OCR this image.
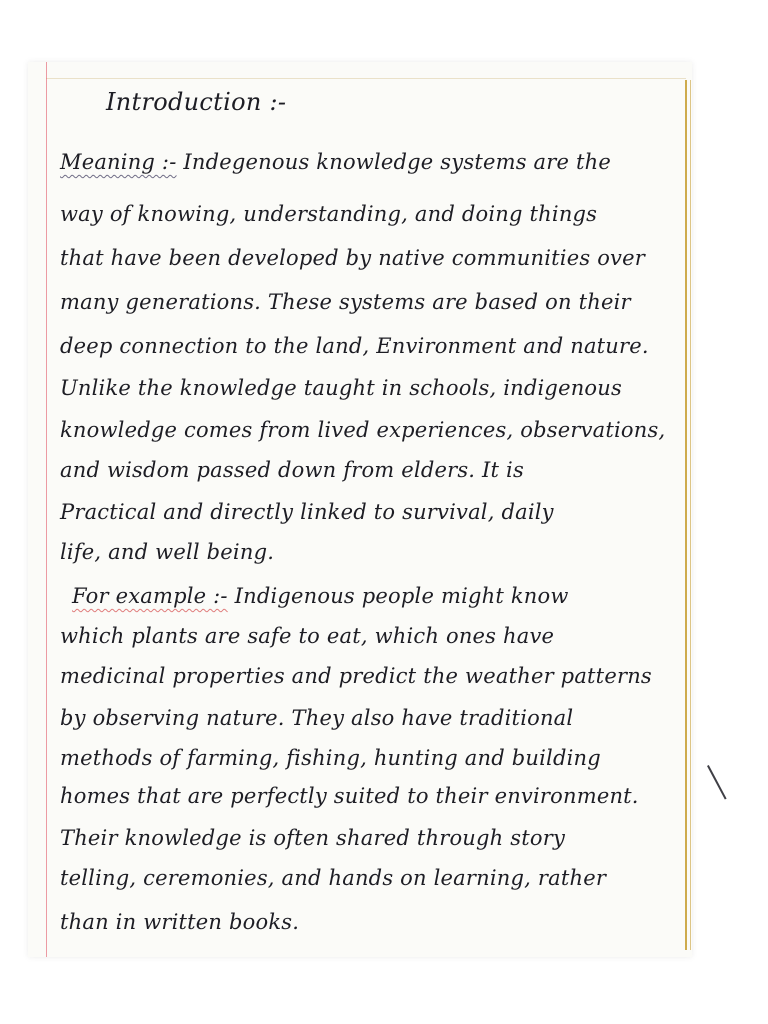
Introduction :-
Meaning :- Indegenous knowledge systems are the
way of knowing, understanding, and doing things
that have been developed by native communities over
many generations. These systems are based on their
deep connection to the land, Environment and nature.
Unlike the knowledge taught in schools, indigenous
knowledge comes from lived experiences, observations,
and wisdom passed down from elders. It is
Practical and directly linked to survival, daily
life, and well being.
For example :- Indigenous people might know
which plants are safe to eat, which ones have
medicinal properties and predict the weather patterns
by observing nature. They also have traditional
methods of farming, fishing, hunting and building
homes that are perfectly suited to their environment.
Their knowledge is often shared through story
telling, ceremonies, and hands on learning, rather
than in written books.
